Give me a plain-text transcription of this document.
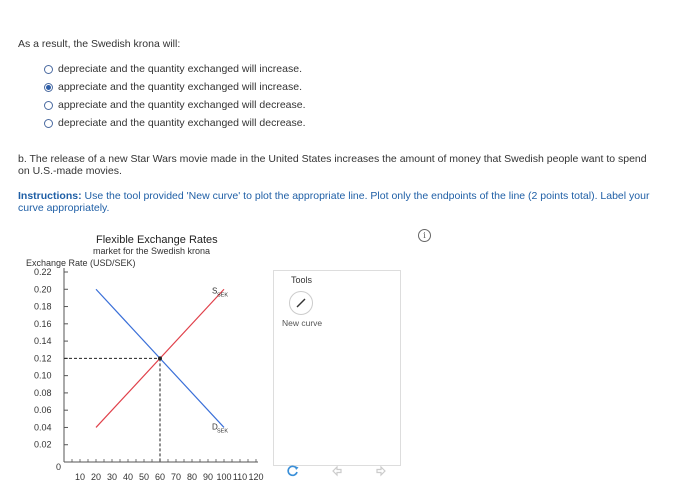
As a result, the Swedish krona will:
depreciate and the quantity exchanged will increase.
appreciate and the quantity exchanged will increase.
appreciate and the quantity exchanged will decrease.
depreciate and the quantity exchanged will decrease.
b. The release of a new Star Wars movie made in the United States increases the amount of money that Swedish people want to spend on U.S.-made movies.
Instructions: Use the tool provided 'New curve' to plot the appropriate line. Plot only the endpoints of the line (2 points total). Label your curve appropriately.
i
Flexible Exchange Rates
market for the Swedish krona
Exchange Rate (USD/SEK)
0.02
0.04
0.06
0.08
0.10
0.12
0.14
0.16
0.18
0.20
0.22
10 20 30 40 50 60 70 80 90 100 110 120
0
S SEK
D SEK
Tools
New curve
